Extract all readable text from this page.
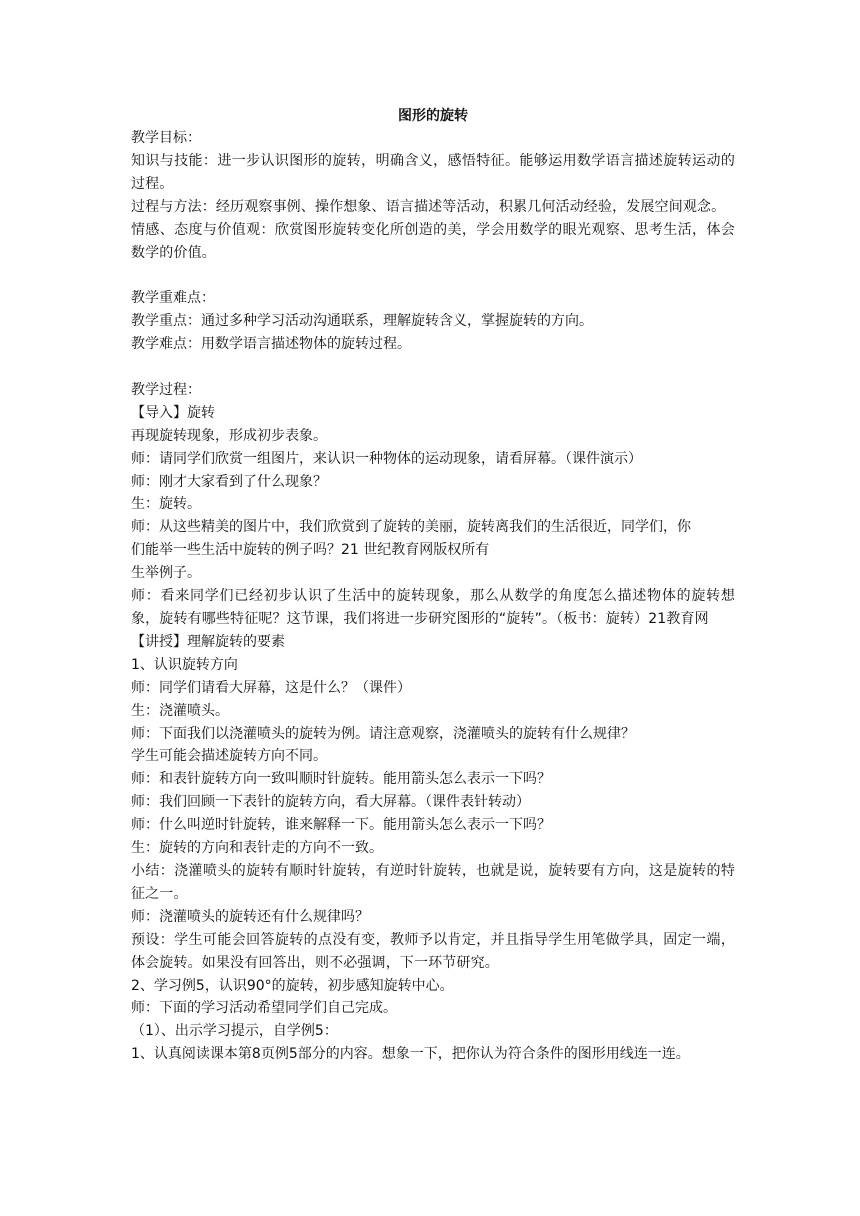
图形的旋转

教学目标：

知识与技能：进一步认识图形的旋转，明确含义，感悟特征。能够运用数学语言描述旋转运动的过程。

过程与方法：经历观察事例、操作想象、语言描述等活动，积累几何活动经验，发展空间观念。

情感、态度与价值观：欣赏图形旋转变化所创造的美，学会用数学的眼光观察、思考生活，体会数学的价值。

教学重难点：

教学重点：通过多种学习活动沟通联系，理解旋转含义，掌握旋转的方向。

教学难点：用数学语言描述物体的旋转过程。

教学过程：

【导入】旋转

再现旋转现象，形成初步表象。

师：请同学们欣赏一组图片，来认识一种物体的运动现象，请看屏幕。（课件演示）

师：刚才大家看到了什么现象？

生：旋转。

师：从这些精美的图片中，我们欣赏到了旋转的美丽，旋转离我们的生活很近，同学们，你

们能举一些生活中旋转的例子吗？21 世纪教育网版权所有

生举例子。

师：看来同学们已经初步认识了生活中的旋转现象，那么从数学的角度怎么描述物体的旋转想象，旋转有哪些特征呢？这节课，我们将进一步研究图形的“旋转”。（板书：旋转）21教育网

【讲授】理解旋转的要素

1、认识旋转方向

师：同学们请看大屏幕，这是什么？（课件）

生：浇灌喷头。

师：下面我们以浇灌喷头的旋转为例。请注意观察，浇灌喷头的旋转有什么规律？

学生可能会描述旋转方向不同。

师：和表针旋转方向一致叫顺时针旋转。能用箭头怎么表示一下吗？

师：我们回顾一下表针的旋转方向，看大屏幕。（课件表针转动）

师：什么叫逆时针旋转，谁来解释一下。能用箭头怎么表示一下吗？

生：旋转的方向和表针走的方向不一致。

小结：浇灌喷头的旋转有顺时针旋转，有逆时针旋转，也就是说，旋转要有方向，这是旋转的特征之一。

师：浇灌喷头的旋转还有什么规律吗？

预设：学生可能会回答旋转的点没有变，教师予以肯定，并且指导学生用笔做学具，固定一端，体会旋转。如果没有回答出，则不必强调，下一环节研究。

2、学习例5，认识90°的旋转，初步感知旋转中心。

师：下面的学习活动希望同学们自己完成。

（1）、出示学习提示，自学例5：

1、认真阅读课本第8页例5部分的内容。想象一下，把你认为符合条件的图形用线连一连。
